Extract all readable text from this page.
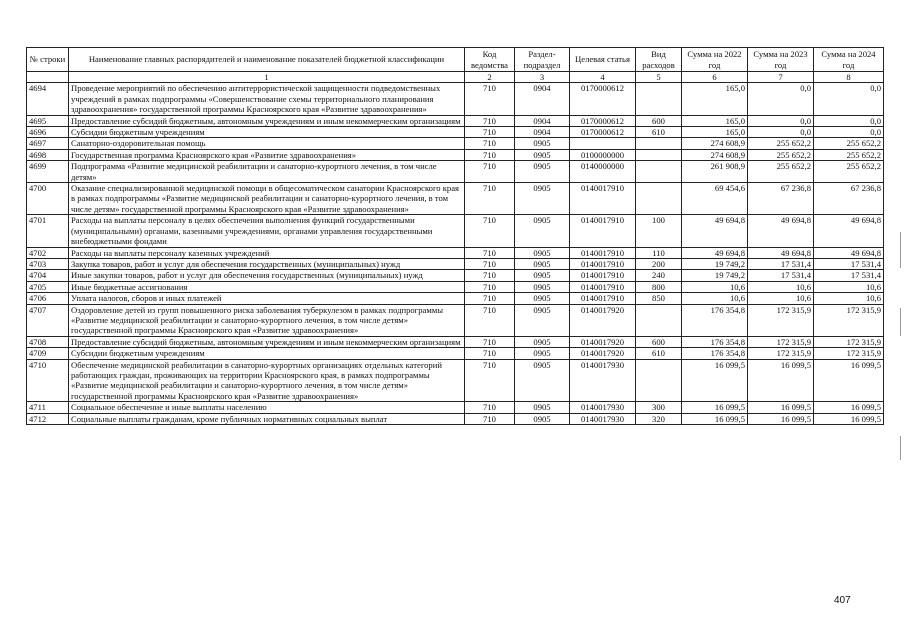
№ строки	Наименование главных распорядителей и наименование показателей бюджетной классификации	Код ведомства	Раздел-подраздел	Целевая статья	Вид расходов	Сумма на 2022 год	Сумма на 2023 год	Сумма на 2024 год
	1	2	3	4	5	6	7	8
4694	Проведение мероприятий по обеспечению антитеррористической защищенности подведомственных учреждений в рамках подпрограммы «Совершенствование схемы территориального планирования здравоохранения» государственной программы Красноярского края «Развитие здравоохранения»	710	0904	0170000612		165,0	0,0	0,0
4695	Предоставление субсидий бюджетным, автономным учреждениям и иным некоммерческим организациям	710	0904	0170000612	600	165,0	0,0	0,0
4696	Субсидии бюджетным учреждениям	710	0904	0170000612	610	165,0	0,0	0,0
4697	Санаторно-оздоровительная помощь	710	0905			274 608,9	255 652,2	255 652,2
4698	Государственная программа Красноярского края «Развитие здравоохранения»	710	0905	0100000000		274 608,9	255 652,2	255 652,2
4699	Подпрограмма «Развитие медицинской реабилитации и санаторно-курортного лечения, в том числе детям»	710	0905	0140000000		261 908,9	255 652,2	255 652,2
4700	Оказание специализированной медицинской помощи в общесоматическом санатории Красноярского края в рамках подпрограммы «Развитие медицинской реабилитации и санаторно-курортного лечения, в том числе детям» государственной программы Красноярского края «Развитие здравоохранения»	710	0905	0140017910		69 454,6	67 236,8	67 236,8
4701	Расходы на выплаты персоналу в целях обеспечения выполнения функций государственными (муниципальными) органами, казенными учреждениями, органами управления государственными внебюджетными фондами	710	0905	0140017910	100	49 694,8	49 694,8	49 694,8
4702	Расходы на выплаты персоналу казенных учреждений	710	0905	0140017910	110	49 694,8	49 694,8	49 694,8
4703	Закупка товаров, работ и услуг для обеспечения государственных (муниципальных) нужд	710	0905	0140017910	200	19 749,2	17 531,4	17 531,4
4704	Иные закупки товаров, работ и услуг для обеспечения государственных (муниципальных) нужд	710	0905	0140017910	240	19 749,2	17 531,4	17 531,4
4705	Иные бюджетные ассигнования	710	0905	0140017910	800	10,6	10,6	10,6
4706	Уплата налогов, сборов и иных платежей	710	0905	0140017910	850	10,6	10,6	10,6
4707	Оздоровление детей из групп повышенного риска заболевания туберкулезом в рамках подпрограммы «Развитие медицинской реабилитации и санаторно-курортного лечения, в том числе детям» государственной программы Красноярского края «Развитие здравоохранения»	710	0905	0140017920		176 354,8	172 315,9	172 315,9
4708	Предоставление субсидий бюджетным, автономным учреждениям и иным некоммерческим организациям	710	0905	0140017920	600	176 354,8	172 315,9	172 315,9
4709	Субсидии бюджетным учреждениям	710	0905	0140017920	610	176 354,8	172 315,9	172 315,9
4710	Обеспечение медицинской реабилитации в санаторно-курортных организациях отдельных категорий работающих граждан, проживающих на территории Красноярского края, в рамках подпрограммы «Развитие медицинской реабилитации и санаторно-курортного лечения, в том числе детям» государственной программы Красноярского края «Развитие здравоохранения»	710	0905	0140017930		16 099,5	16 099,5	16 099,5
4711	Социальное обеспечение и иные выплаты населению	710	0905	0140017930	300	16 099,5	16 099,5	16 099,5
4712	Социальные выплаты гражданам, кроме публичных нормативных социальных выплат	710	0905	0140017930	320	16 099,5	16 099,5	16 099,5
407
